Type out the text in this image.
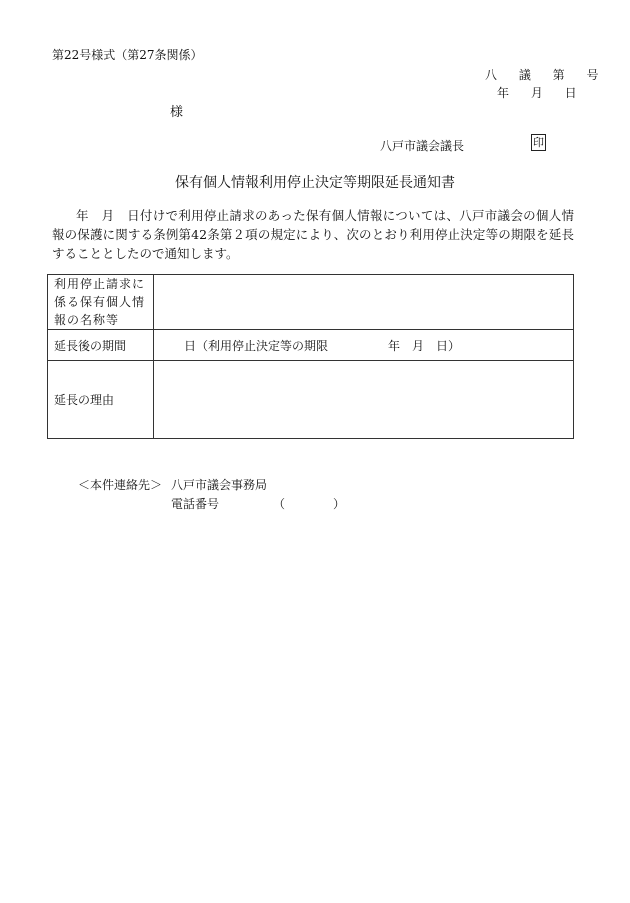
第22号様式（第27条関係）
八 議 第 号
年 月 日
様
八戸市議会議長	印
保有個人情報利用停止決定等期限延長通知書
年　月　日付けで利用停止請求のあった保有個人情報については、八戸市議会の個人情報の保護に関する条例第42条第２項の規定により、次のとおり利用停止決定等の期限を延長することとしたので通知します。
利用停止請求に係る保有個人情報の名称等	

延長後の期間	日（利用停止決定等の期限　　　　　年　月　日）
延長の理由	
＜本件連絡先＞ 八戸市議会事務局
電話番号　　　　　（　　　　）
